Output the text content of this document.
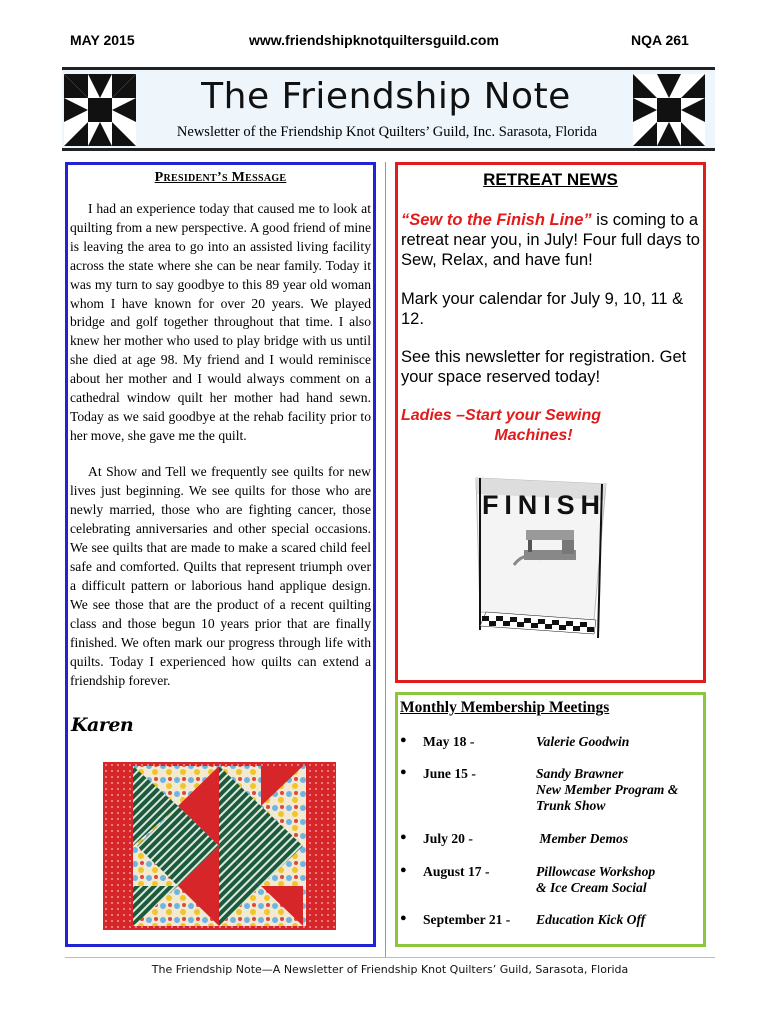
MAY 2015	www.friendshipknotquiltersguild.com	NQA 261
The Friendship Note
Newsletter of the Friendship Knot Quilters’ Guild, Inc. Sarasota, Florida
President’s Message
I had an experience today that caused me to look at quilting from a new perspective. A good friend of mine is leaving the area to go into an assisted living facility across the state where she can be near family. Today it was my turn to say goodbye to this 89 year old woman whom I have known for over 20 years. We played bridge and golf together throughout that time. I also knew her mother who used to play bridge with us until she died at age 98. My friend and I would reminisce about her mother and I would always comment on a cathedral window quilt her mother had hand sewn. Today as we said goodbye at the rehab facility prior to her move, she gave me the quilt.
At Show and Tell we frequently see quilts for new lives just beginning. We see quilts for those who are newly married, those who are fighting cancer, those celebrating anniversaries and other special occasions. We see quilts that are made to make a scared child feel safe and comforted. Quilts that represent triumph over a difficult pattern or laborious hand applique design. We see those that are the product of a recent quilting class and those begun 10 years prior that are finally finished. We often mark our progress through life with quilts. Today I experienced how quilts can extend a friendship forever.
Karen
RETREAT NEWS
“Sew to the Finish Line” is coming to a retreat near you, in July! Four full days to Sew, Relax, and have fun!
Mark your calendar for July 9, 10, 11 & 12.
See this newsletter for registration. Get your space reserved today!
Ladies –Start your Sewing
Machines!
FINISH
Monthly Membership Meetings
● May 18 -	Valerie Goodwin
● June 15 -	Sandy Brawner
New Member Program & Trunk Show
● July 20 -	Member Demos
● August 17 -	Pillowcase Workshop
& Ice Cream Social
● September 21 - Education Kick Off
The Friendship Note—A Newsletter of Friendship Knot Quilters’ Guild, Sarasota, Florida
